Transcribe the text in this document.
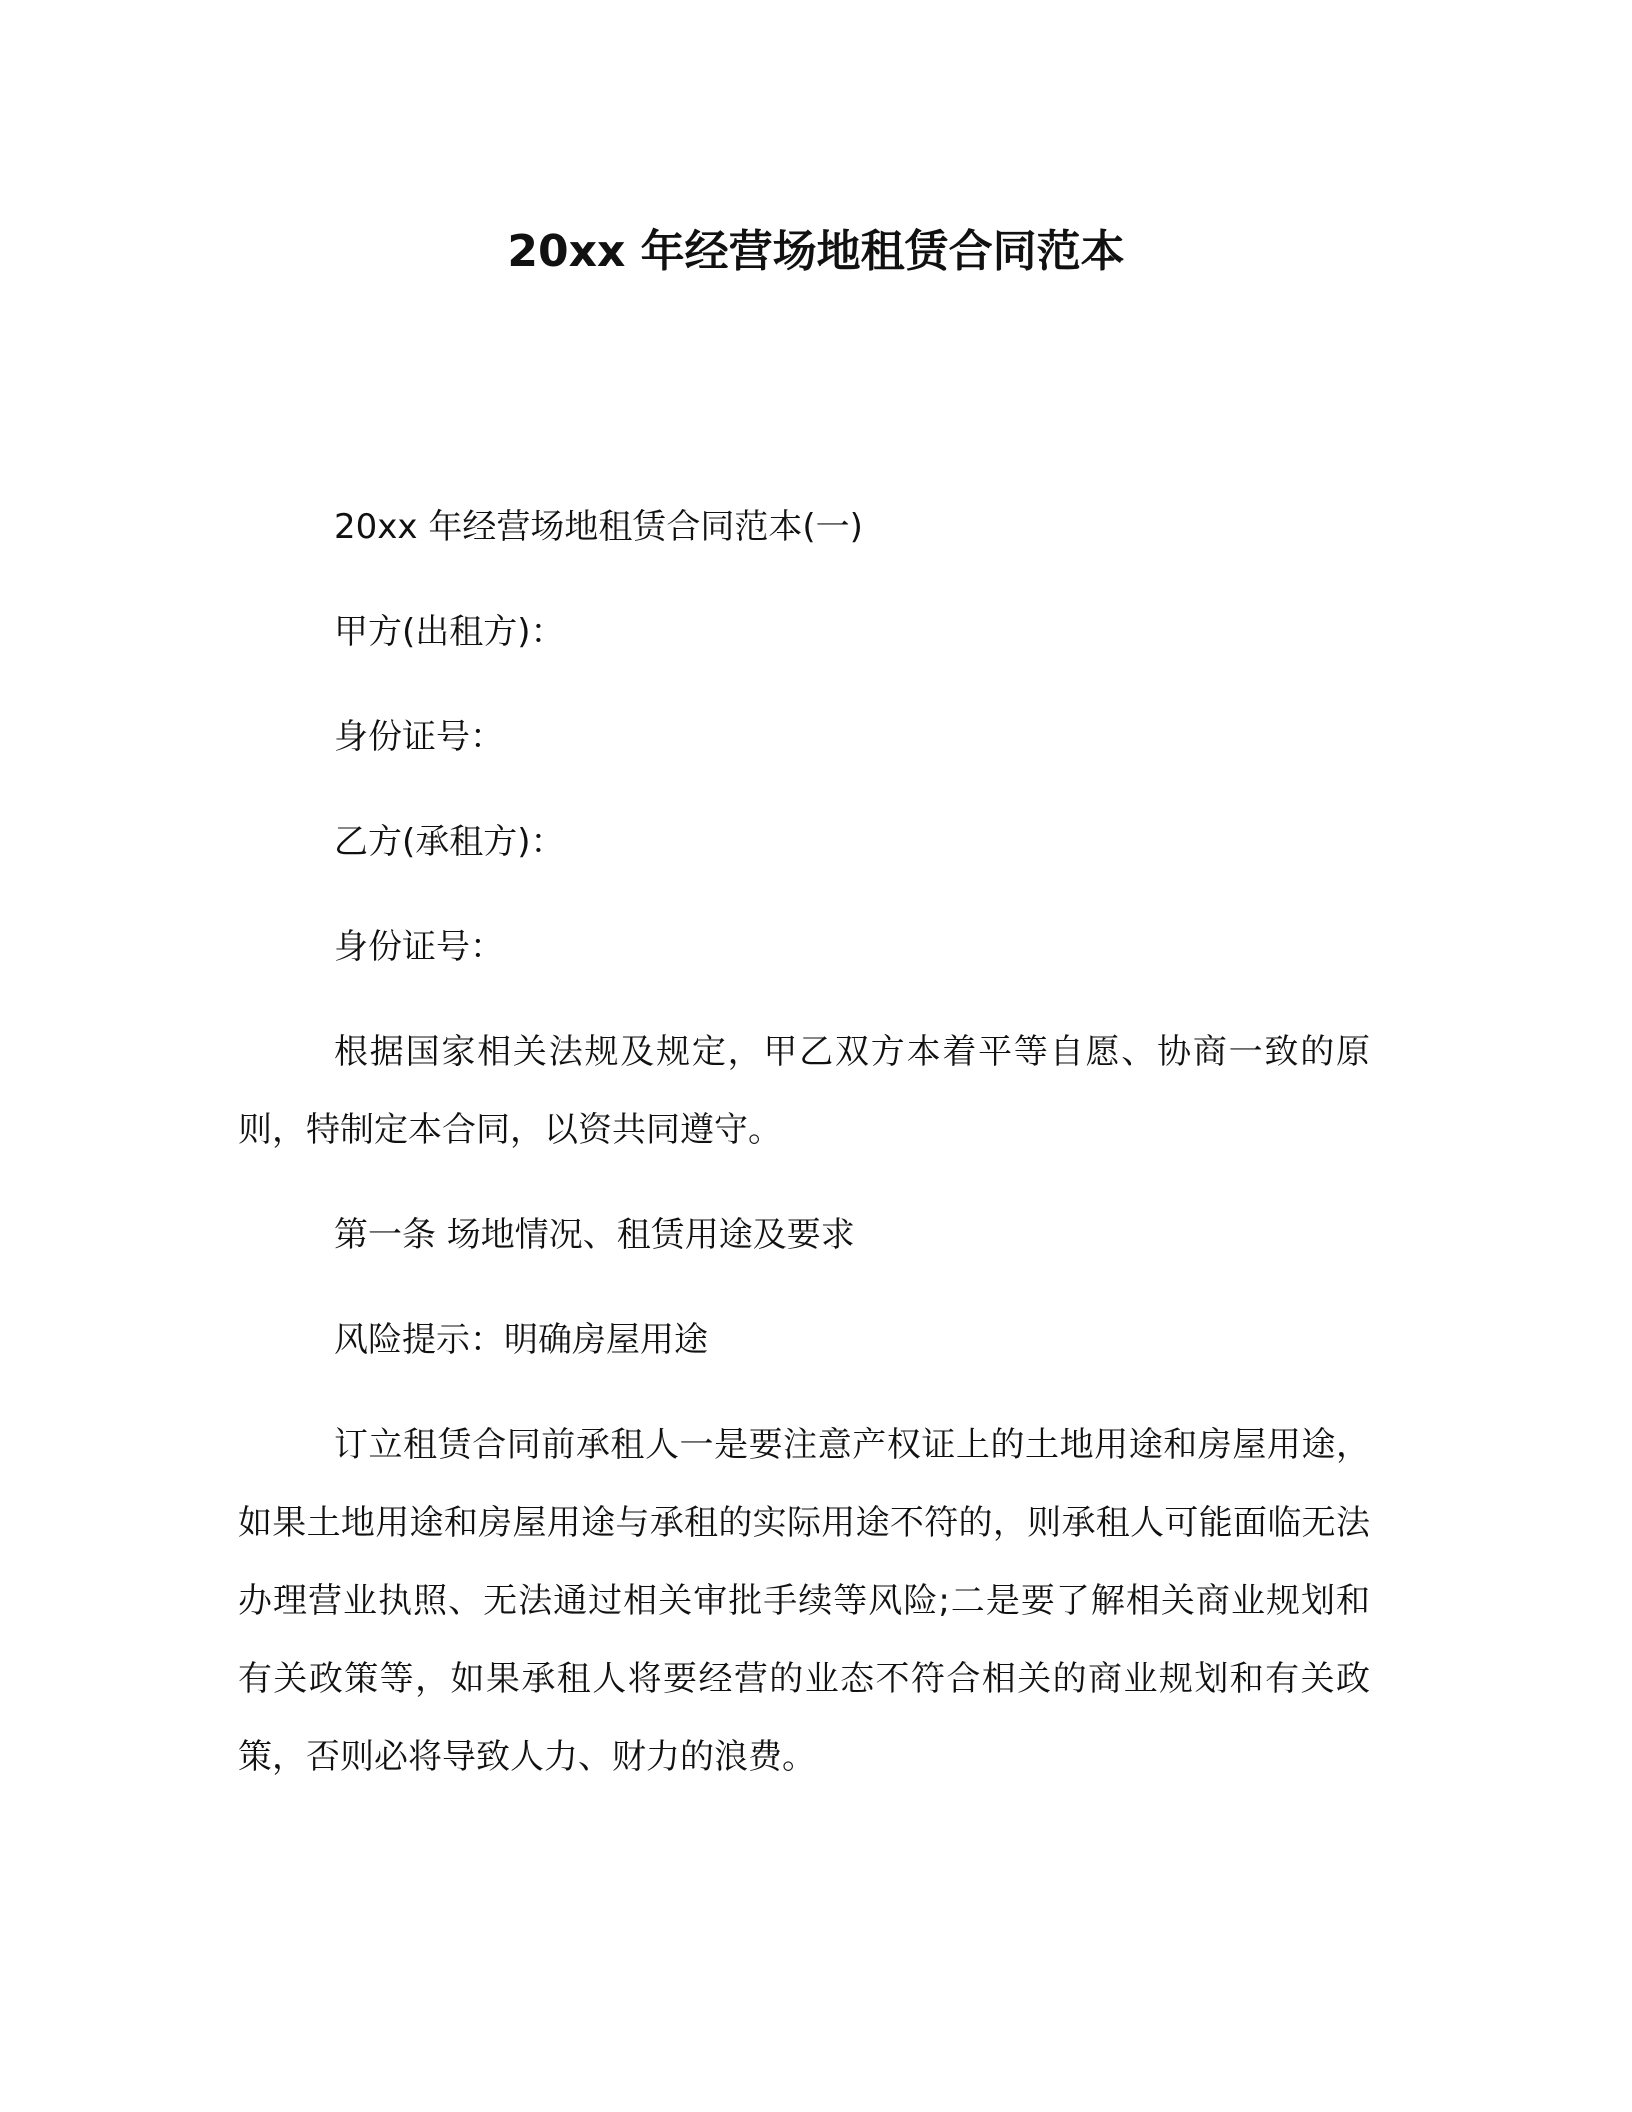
20xx 年经营场地租赁合同范本

20xx 年经营场地租赁合同范本(一)

甲方(出租方)：

身份证号：

乙方(承租方)：

身份证号：

根据国家相关法规及规定，甲乙双方本着平等自愿、协商一致的原则，特制定本合同，以资共同遵守。

第一条 场地情况、租赁用途及要求

风险提示：明确房屋用途

订立租赁合同前承租人一是要注意产权证上的土地用途和房屋用途，如果土地用途和房屋用途与承租的实际用途不符的，则承租人可能面临无法办理营业执照、无法通过相关审批手续等风险;二是要了解相关商业规划和有关政策等，如果承租人将要经营的业态不符合相关的商业规划和有关政策，否则必将导致人力、财力的浪费。
